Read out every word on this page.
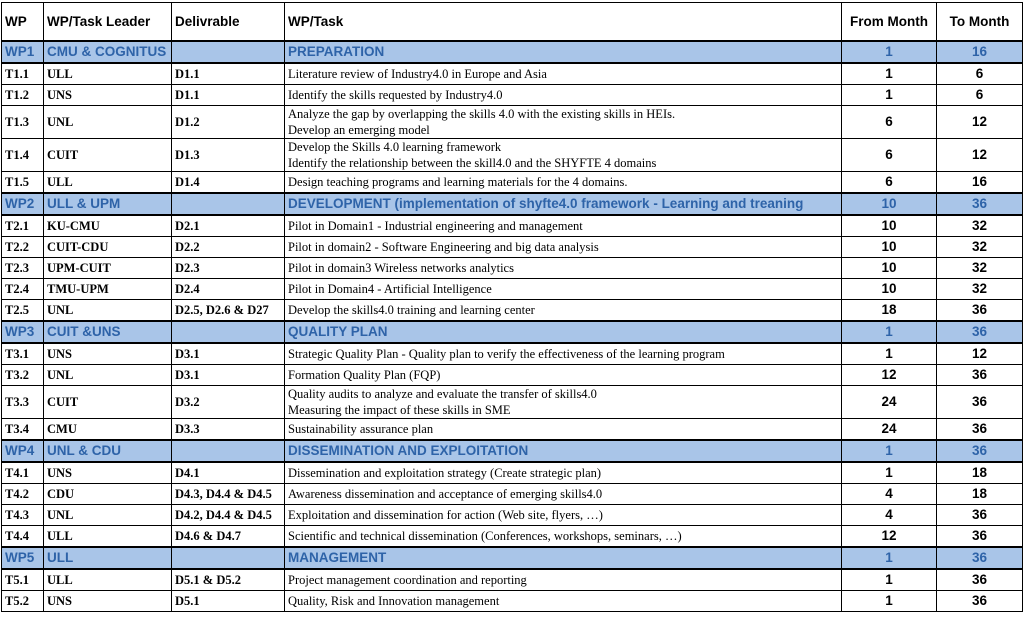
WP	WP/Task Leader	Delivrable	WP/Task	From Month	To Month
WP1	CMU & COGNITUS		PREPARATION	1	16
T1.1	ULL	D1.1	Literature review of Industry4.0 in Europe and Asia	1	6
T1.2	UNS	D1.1	Identify the skills requested by Industry4.0	1	6
T1.3	UNL	D1.2	Analyze the gap by overlapping the skills 4.0 with the existing skills in HEIs.
Develop an emerging model	6	12
T1.4	CUIT	D1.3	Develop the Skills 4.0 learning framework
Identify the relationship between the skill4.0 and the SHYFTE 4 domains	6	12
T1.5	ULL	D1.4	Design teaching programs and learning materials for the 4 domains.	6	16
WP2	ULL & UPM		DEVELOPMENT (implementation of shyfte4.0 framework - Learning and treaning	10	36
T2.1	KU-CMU	D2.1	Pilot in Domain1 - Industrial engineering and management	10	32
T2.2	CUIT-CDU	D2.2	Pilot in domain2 - Software Engineering and big data analysis	10	32
T2.3	UPM-CUIT	D2.3	Pilot in domain3 Wireless networks analytics	10	32
T2.4	TMU-UPM	D2.4	Pilot in Domain4 - Artificial Intelligence	10	32
T2.5	UNL	D2.5, D2.6 & D27	Develop the skills4.0 training and learning center	18	36
WP3	CUIT &UNS		QUALITY PLAN	1	36
T3.1	UNS	D3.1	Strategic Quality Plan - Quality plan to verify the effectiveness of the learning program	1	12
T3.2	UNL	D3.1	Formation Quality Plan (FQP)	12	36
T3.3	CUIT	D3.2	Quality audits to analyze and evaluate the transfer of skills4.0
Measuring the impact of these skills in SME	24	36
T3.4	CMU	D3.3	Sustainability assurance plan	24	36
WP4	UNL & CDU		DISSEMINATION AND EXPLOITATION	1	36
T4.1	UNS	D4.1	Dissemination and exploitation strategy (Create strategic plan)	1	18
T4.2	CDU	D4.3, D4.4 & D4.5	Awareness dissemination and acceptance of emerging skills4.0	4	18
T4.3	UNL	D4.2, D4.4 & D4.5	Exploitation and dissemination for action (Web site, flyers, …)	4	36
T4.4	ULL	D4.6 & D4.7	Scientific and technical dissemination (Conferences, workshops, seminars, …)	12	36
WP5	ULL		MANAGEMENT	1	36
T5.1	ULL	D5.1 & D5.2	Project management coordination and reporting	1	36
T5.2	UNS	D5.1	Quality, Risk and Innovation management	1	36
